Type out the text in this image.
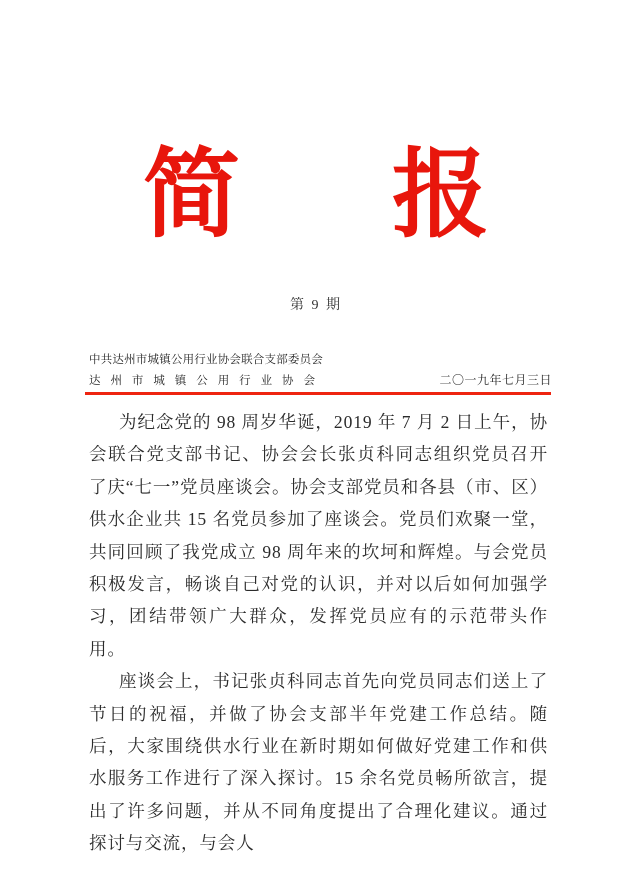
简 报
第 9 期
中共达州市城镇公用行业协会联合支部委员会
达州市城镇公用行业协会	二〇一九年七月三日

为纪念党的 98 周岁华诞，2019 年 7 月 2 日上午，协会联合党支部书记、协会会长张贞科同志组织党员召开了庆“七一”党员座谈会。协会支部党员和各县（市、区）供水企业共 15 名党员参加了座谈会。党员们欢聚一堂，共同回顾了我党成立 98 周年来的坎坷和辉煌。与会党员积极发言，畅谈自己对党的认识，并对以后如何加强学习，团结带领广大群众，发挥党员应有的示范带头作用。

座谈会上，书记张贞科同志首先向党员同志们送上了节日的祝福，并做了协会支部半年党建工作总结。随后，大家围绕供水行业在新时期如何做好党建工作和供水服务工作进行了深入探讨。15 余名党员畅所欲言，提出了许多问题，并从不同角度提出了合理化建议。通过探讨与交流，与会人
